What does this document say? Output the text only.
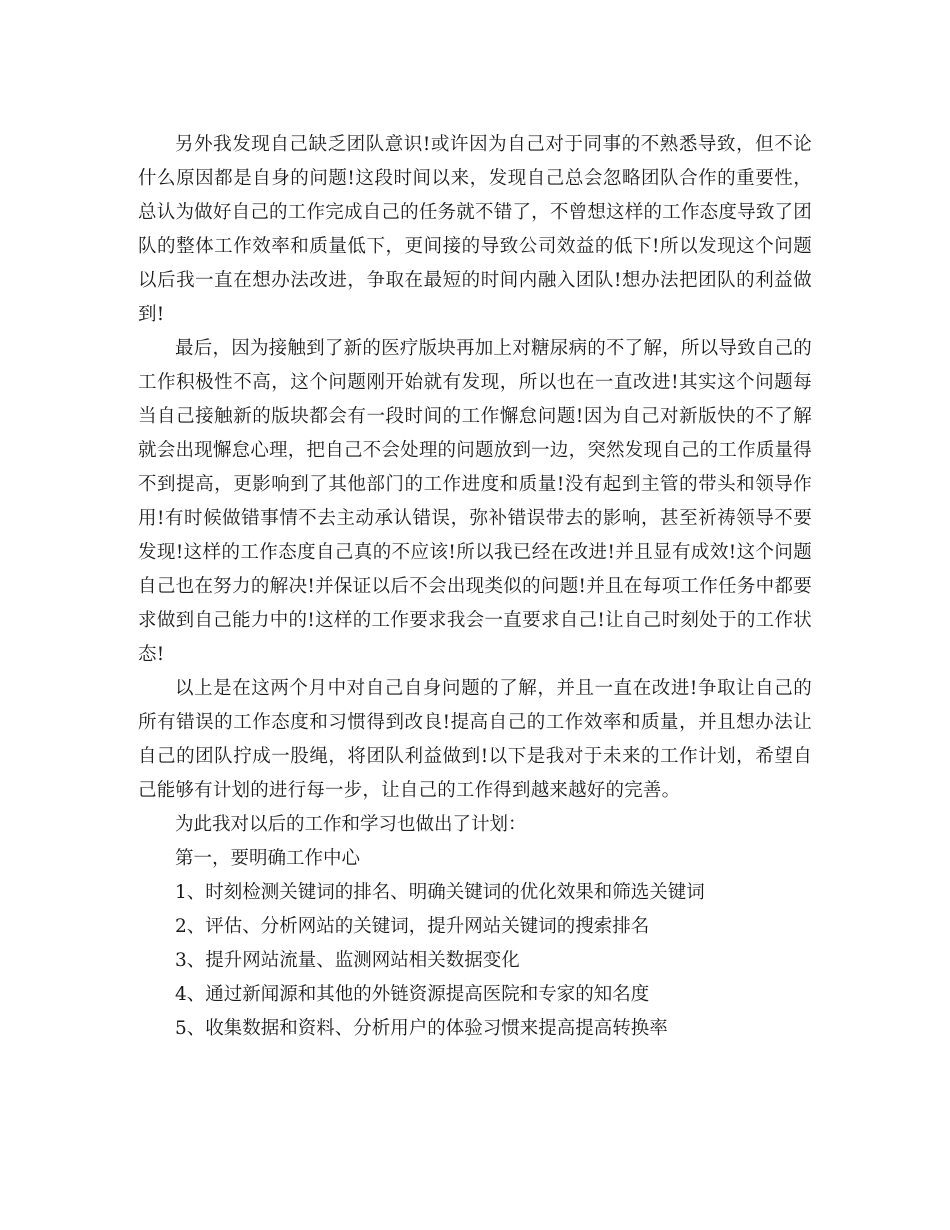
另外我发现自己缺乏团队意识!或许因为自己对于同事的不熟悉导致，但不论什么原因都是自身的问题!这段时间以来，发现自己总会忽略团队合作的重要性，总认为做好自己的工作完成自己的任务就不错了，不曾想这样的工作态度导致了团队的整体工作效率和质量低下，更间接的导致公司效益的低下!所以发现这个问题以后我一直在想办法改进，争取在最短的时间内融入团队!想办法把团队的利益做到!

最后，因为接触到了新的医疗版块再加上对糖尿病的不了解，所以导致自己的工作积极性不高，这个问题刚开始就有发现，所以也在一直改进!其实这个问题每当自己接触新的版块都会有一段时间的工作懈怠问题!因为自己对新版快的不了解就会出现懈怠心理，把自己不会处理的问题放到一边，突然发现自己的工作质量得不到提高，更影响到了其他部门的工作进度和质量!没有起到主管的带头和领导作用!有时候做错事情不去主动承认错误，弥补错误带去的影响，甚至祈祷领导不要发现!这样的工作态度自己真的不应该!所以我已经在改进!并且显有成效!这个问题自己也在努力的解决!并保证以后不会出现类似的问题!并且在每项工作任务中都要求做到自己能力中的!这样的工作要求我会一直要求自己!让自己时刻处于的工作状态!

以上是在这两个月中对自己自身问题的了解，并且一直在改进!争取让自己的所有错误的工作态度和习惯得到改良!提高自己的工作效率和质量，并且想办法让自己的团队拧成一股绳，将团队利益做到!以下是我对于未来的工作计划，希望自己能够有计划的进行每一步，让自己的工作得到越来越好的完善。

为此我对以后的工作和学习也做出了计划：

第一，要明确工作中心

1、时刻检测关键词的排名、明确关键词的优化效果和筛选关键词

2、评估、分析网站的关键词，提升网站关键词的搜索排名

3、提升网站流量、监测网站相关数据变化

4、通过新闻源和其他的外链资源提高医院和专家的知名度

5、收集数据和资料、分析用户的体验习惯来提高提高转换率
